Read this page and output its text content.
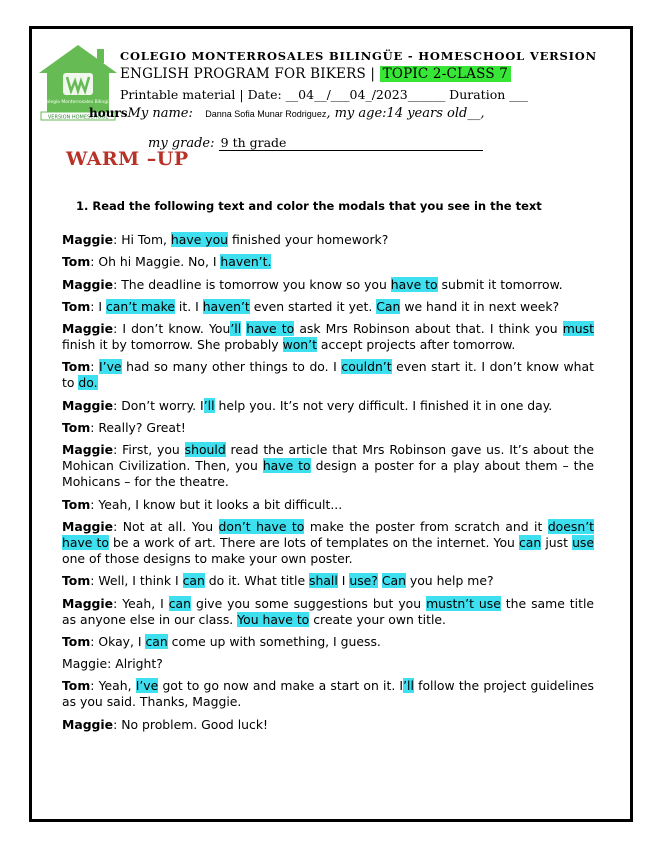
Colegio Monterrosales Bilingüe
VERSION HOMESCHOOL
COLEGIO MONTERROSALES BILINGÜE - HOMESCHOOL VERSION
ENGLISH PROGRAM FOR BIKERS | TOPIC 2-CLASS 7
Printable material | Date: __04__/___04_/2023______ Duration ___
hoursMy name: Danna Sofia Munar Rodriguez, my age:14 years old__,
my grade: 9 th grade
WARM –UP
1. Read the following text and color the modals that you see in the text

Maggie: Hi Tom, have you finished your homework?

Tom: Oh hi Maggie. No, I haven’t.

Maggie: The deadline is tomorrow you know so you have to submit it tomorrow.

Tom: I can’t make it. I haven’t even started it yet. Can we hand it in next week?

Maggie: I don’t know. You’ll have to ask Mrs Robinson about that. I think you must finish it by tomorrow. She probably won’t accept projects after tomorrow.

Tom: I’ve had so many other things to do. I couldn’t even start it. I don’t know what to do.

Maggie: Don’t worry. I’ll help you. It’s not very difficult. I finished it in one day.

Tom: Really? Great!

Maggie: First, you should read the article that Mrs Robinson gave us. It’s about the Mohican Civilization. Then, you have to design a poster for a play about them – the Mohicans – for the theatre.

Tom: Yeah, I know but it looks a bit difficult...

Maggie: Not at all. You don’t have to make the poster from scratch and it doesn’t have to be a work of art. There are lots of templates on the internet. You can just use one of those designs to make your own poster.

Tom: Well, I think I can do it. What title shall I use? Can you help me?

Maggie: Yeah, I can give you some suggestions but you mustn’t use the same title as anyone else in our class. You have to create your own title.

Tom: Okay, I can come up with something, I guess.

Maggie: Alright?

Tom: Yeah, I’ve got to go now and make a start on it. I’ll follow the project guidelines as you said. Thanks, Maggie.

Maggie: No problem. Good luck!
